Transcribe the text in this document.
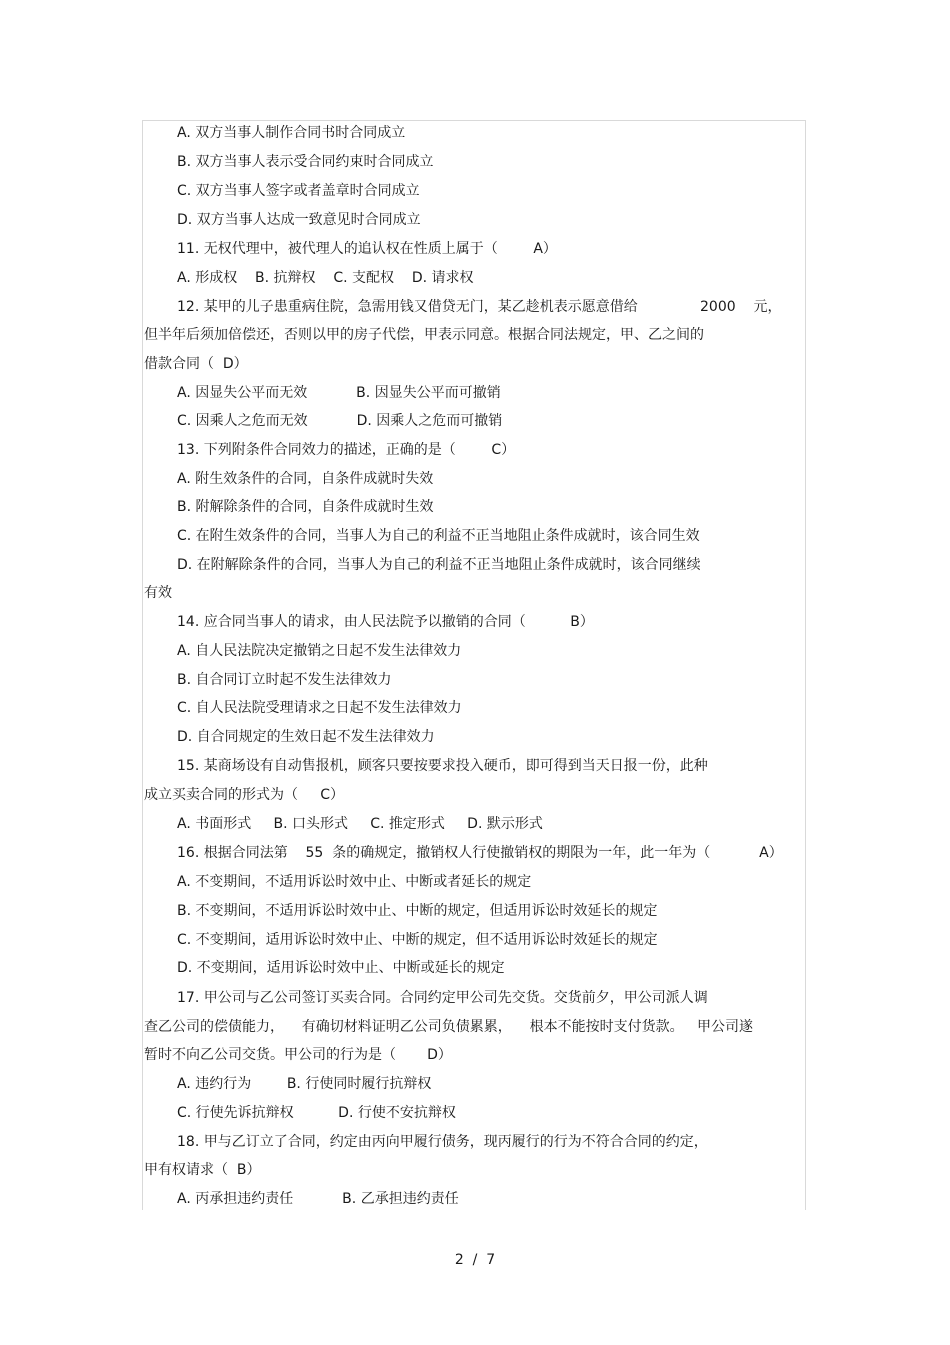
A. 双方当事人制作合同书时合同成立
B. 双方当事人表示受合同约束时合同成立
C. 双方当事人签字或者盖章时合同成立
D. 双方当事人达成一致意见时合同成立
11. 无权代理中，被代理人的追认权在性质上属于（        A）
A. 形成权    B. 抗辩权    C. 支配权    D. 请求权
12. 某甲的儿子患重病住院，急需用钱又借贷无门，某乙趁机表示愿意借给              2000    元，
但半年后须加倍偿还，否则以甲的房子代偿，甲表示同意。根据合同法规定，甲、乙之间的
借款合同（  D）
A. 因显失公平而无效           B. 因显失公平而可撤销
C. 因乘人之危而无效           D. 因乘人之危而可撤销
13. 下列附条件合同效力的描述，正确的是（        C）
A. 附生效条件的合同，自条件成就时失效
B. 附解除条件的合同，自条件成就时生效
C. 在附生效条件的合同，当事人为自己的利益不正当地阻止条件成就时，该合同生效
D. 在附解除条件的合同，当事人为自己的利益不正当地阻止条件成就时，该合同继续
有效
14. 应合同当事人的请求，由人民法院予以撤销的合同（          B）
A. 自人民法院决定撤销之日起不发生法律效力
B. 自合同订立时起不发生法律效力
C. 自人民法院受理请求之日起不发生法律效力
D. 自合同规定的生效日起不发生法律效力
15. 某商场设有自动售报机，顾客只要按要求投入硬币，即可得到当天日报一份，此种
成立买卖合同的形式为（     C）
A. 书面形式     B. 口头形式     C. 推定形式     D. 默示形式
16. 根据合同法第    55  条的确规定，撤销权人行使撤销权的期限为一年，此一年为（           A）
A. 不变期间，不适用诉讼时效中止、中断或者延长的规定
B. 不变期间，不适用诉讼时效中止、中断的规定，但适用诉讼时效延长的规定
C. 不变期间，适用诉讼时效中止、中断的规定，但不适用诉讼时效延长的规定
D. 不变期间，适用诉讼时效中止、中断或延长的规定
17. 甲公司与乙公司签订买卖合同。合同约定甲公司先交货。交货前夕，甲公司派人调
查乙公司的偿债能力，    有确切材料证明乙公司负债累累，    根本不能按时支付货款。   甲公司遂
暂时不向乙公司交货。甲公司的行为是（       D）
A. 违约行为        B. 行使同时履行抗辩权
C. 行使先诉抗辩权          D. 行使不安抗辩权
18. 甲与乙订立了合同，约定由丙向甲履行债务，现丙履行的行为不符合合同的约定，
甲有权请求（  B）
A. 丙承担违约责任           B. 乙承担违约责任
2  /  7
